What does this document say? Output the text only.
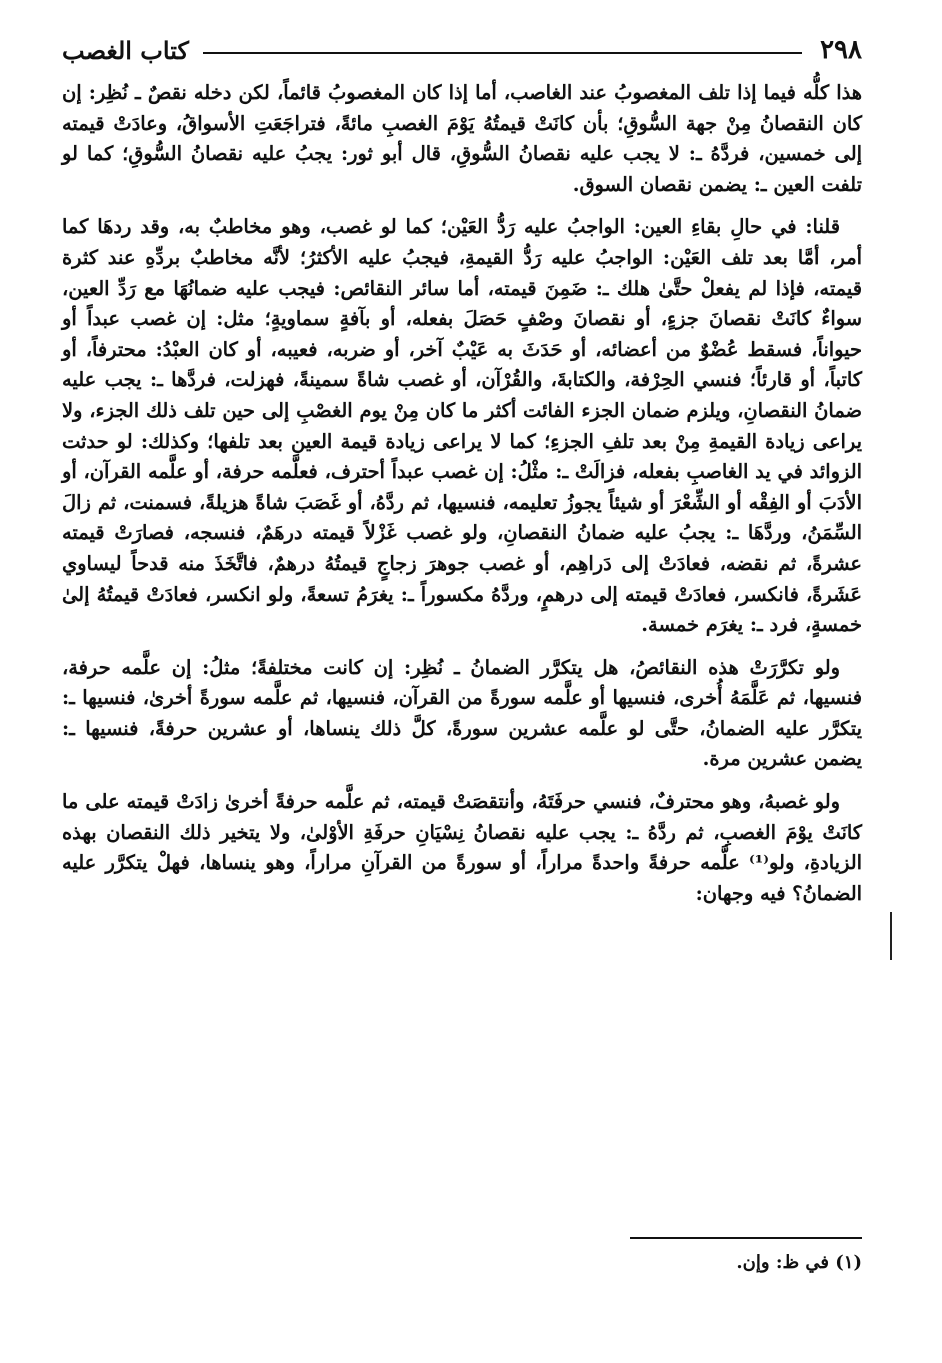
٢٩٨
كتاب الغصب

هذا كلُّه فيما إذا تلف المغصوبُ عند الغاصب، أما إذا كان المغصوبُ قائماً، لكن دخله نقصٌ ـ نُظِر: إن كان النقصانُ مِنْ جهة السُّوقِ؛ بأن كانَتْ قيمتُهُ يَوْمَ الغصبِ مائةً، فتراجَعَتِ الأسواقُ، وعادَتْ قيمته إلى خمسين، فردَّهُ ـ: لا يجب عليه نقصانُ السُّوقِ، قال أبو ثور: يجبُ عليه نقصانُ السُّوقِ؛ كما لو تلفت العين ـ: يضمن نقصان السوق.

قلنا: في حالِ بقاءِ العين: الواجبُ عليه رَدُّ العَيْن؛ كما لو غصب، وهو مخاطبٌ به، وقد ردهَا كما أمر، أمَّا بعد تلف العَيْن: الواجبُ عليه رَدُّ القيمةِ، فيجبُ عليه الأكثرُ؛ لأنَّه مخاطبٌ بردِّهِ عند كثرة قيمته، فإذا لم يفعلْ حتَّىٰ هلك ـ: ضَمِنَ قيمته، أما سائر النقائص: فيجب عليه ضمانُهَا مع رَدِّ العين، سواءٌ كانَتْ نقصانَ جزءٍ، أو نقصانَ وصْفٍ حَصَلَ بفعله، أو بآفةٍ سماويةٍ؛ مثل: إن غصب عبداً أو حيواناً، فسقط عُضْوٌ من أعضائه، أو حَدَثَ به عَيْبٌ آخر، أو ضربه، فعيبه، أو كان العبْدُ: محترفاً، أو كاتباً، أو قارئاً؛ فنسي الحِرْفة، والكتابةَ، والقُرْآن، أو غصب شاةً سمينةً، فهزلت، فردَّها ـ: يجب عليه ضمانُ النقصانِ، ويلزم ضمان الجزء الفائت أكثر ما كان مِنْ يوم الغصْبِ إلى حين تلف ذلك الجزء، ولا يراعى زيادة القيمةِ مِنْ بعد تلفِ الجزءِ؛ كما لا يراعى زيادة قيمة العين بعد تلفها؛ وكذلك: لو حدثت الزوائد في يد الغاصبِ بفعله، فزالَتْ ـ: مثْلُ: إن غصب عبداً أحترف، فعلَّمه حرفة، أو علَّمه القرآن، أو الأدَبَ أو الفِقْه أو الشِّعْرَ أو شيئاً يجوزُ تعليمه، فنسيها، ثم ردَّهُ، أو غَصَبَ شاةً هزيلةً، فسمنت، ثم زالَ السِّمَنُ، وردَّهَا ـ: يجبُ عليه ضمانُ النقصانِ، ولو غصب غَزْلاً قيمته درهَمٌ، فنسجه، فصارَتْ قيمته عشرةً، ثم نقضه، فعادَتْ إلى دَراهِم، أو غصب جوهرَ زجاجٍ قيمتُهُ درهمٌ، فاتَّخَذَ منه قدحاً ليساوي عَشَرةً، فانكسر، فعادَتْ قيمته إلى درهمٍ، وردَّهُ مكسوراً ـ: يغرَمُ تسعةً، ولو انكسر، فعادَتْ قيمتُهُ إلىٰ خمسةٍ، فرد ـ: يغرَم خمسة.

ولو تكرَّرَتْ هذه النقائصُ، هل يتكرَّر الضمانُ ـ نُظِر: إن كانت مختلفةً؛ مثلُ: إن علَّمه حرفة، فنسيها، ثم عَلَّمَهُ أُخرى، فنسيها أو علَّمه سورةً من القرآن، فنسيها، ثم علَّمه سورةً أخرىٰ، فنسيها ـ: يتكرَّر عليه الضمانُ، حتَّى لو علَّمه عشرين سورةً، كلَّ ذلك ينساها، أو عشرين حرفةً، فنسيها ـ: يضمن عشرين مرة.

ولو غصبهُ، وهو محترفٌ، فنسي حرفَتَهُ، وأنتقصَتْ قيمته، ثم علَّمه حرفةً أخرىٰ زادَتْ قيمته على ما كانَتْ يوْمَ الغصبِ، ثم ردَّهُ ـ: يجب عليه نقصانُ نِسْيَانِ حرفَةِ الأوْلىٰ، ولا يتخير ذلك النقصان بهذه الزيادةِ، ولو⁽¹⁾ علَّمه حرفةً واحدةً مراراً، أو سورةً من القرآنِ مراراً، وهو ينساها، فهلْ يتكرَّر عليه الضمانُ؟ فيه وجهان:

(١) في ظ: وإن.
